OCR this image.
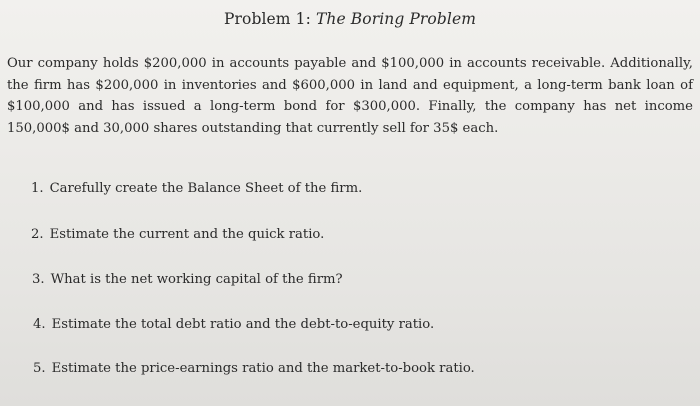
Problem 1: The Boring Problem

Our company holds $200,000 in accounts payable and $100,000 in accounts receivable. Additionally, the firm has $200,000 in inventories and $600,000 in land and equipment, a long-term bank loan of $100,000 and has issued a long-term bond for $300,000. Finally, the company has net income 150,000$ and 30,000 shares outstanding that currently sell for 35$ each.

1. Carefully create the Balance Sheet of the firm.
2. Estimate the current and the quick ratio.
3. What is the net working capital of the firm?
4. Estimate the total debt ratio and the debt-to-equity ratio.
5. Estimate the price-earnings ratio and the market-to-book ratio.
